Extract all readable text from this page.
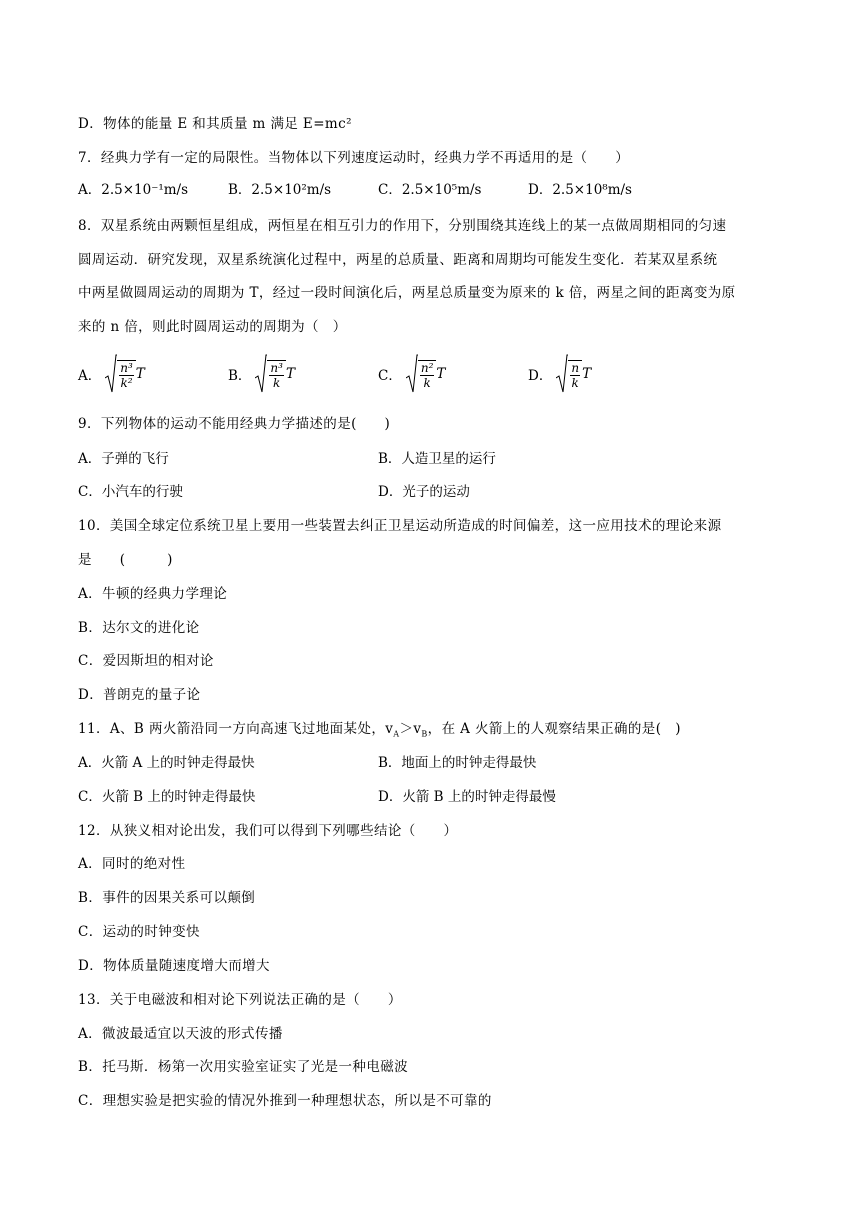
D．物体的能量 E 和其质量 m 满足 E=mc²
7．经典力学有一定的局限性。当物体以下列速度运动时，经典力学不再适用的是（　　）
A．2.5×10⁻¹m/s	B．2.5×10²m/s	C．2.5×10⁵m/s	D．2.5×10⁸m/s
8．双星系统由两颗恒星组成，两恒星在相互引力的作用下，分别围绕其连线上的某一点做周期相同的匀速
圆周运动．研究发现，双星系统演化过程中，两星的总质量、距离和周期均可能发生变化．若某双星系统
中两星做圆周运动的周期为 T，经过一段时间演化后，两星总质量变为原来的 k 倍，两星之间的距离变为原
来的 n 倍，则此时圆周运动的周期为（　）
A． $\frac{\text{n³}}{\text{k²}}$ T	B． $\frac{\text{n³}}{k}$ T	C． $\frac{\text{n²}}{k}$ T	D． $\frac{n}{k}$ T
9．下列物体的运动不能用经典力学描述的是(　　)
A．子弹的飞行	B．人造卫星的运行
C．小汽车的行驶	D．光子的运动
10．美国全球定位系统卫星上要用一些装置去纠正卫星运动所造成的时间偏差，这一应用技术的理论来源
是　　(　　　)
A．牛顿的经典力学理论
B．达尔文的进化论
C．爱因斯坦的相对论
D．普朗克的量子论
11．A、B 两火箭沿同一方向高速飞过地面某处，$v_A>v_B$，在 A 火箭上的人观察结果正确的是(　)
A．火箭 A 上的时钟走得最快	B．地面上的时钟走得最快
C．火箭 B 上的时钟走得最快	D．火箭 B 上的时钟走得最慢
12．从狭义相对论出发，我们可以得到下列哪些结论（　　）
A．同时的绝对性
B．事件的因果关系可以颠倒
C．运动的时钟变快
D．物体质量随速度增大而增大
13．关于电磁波和相对论下列说法正确的是（　　）
A．微波最适宜以天波的形式传播
B．托马斯．杨第一次用实验室证实了光是一种电磁波
C．理想实验是把实验的情况外推到一种理想状态，所以是不可靠的
